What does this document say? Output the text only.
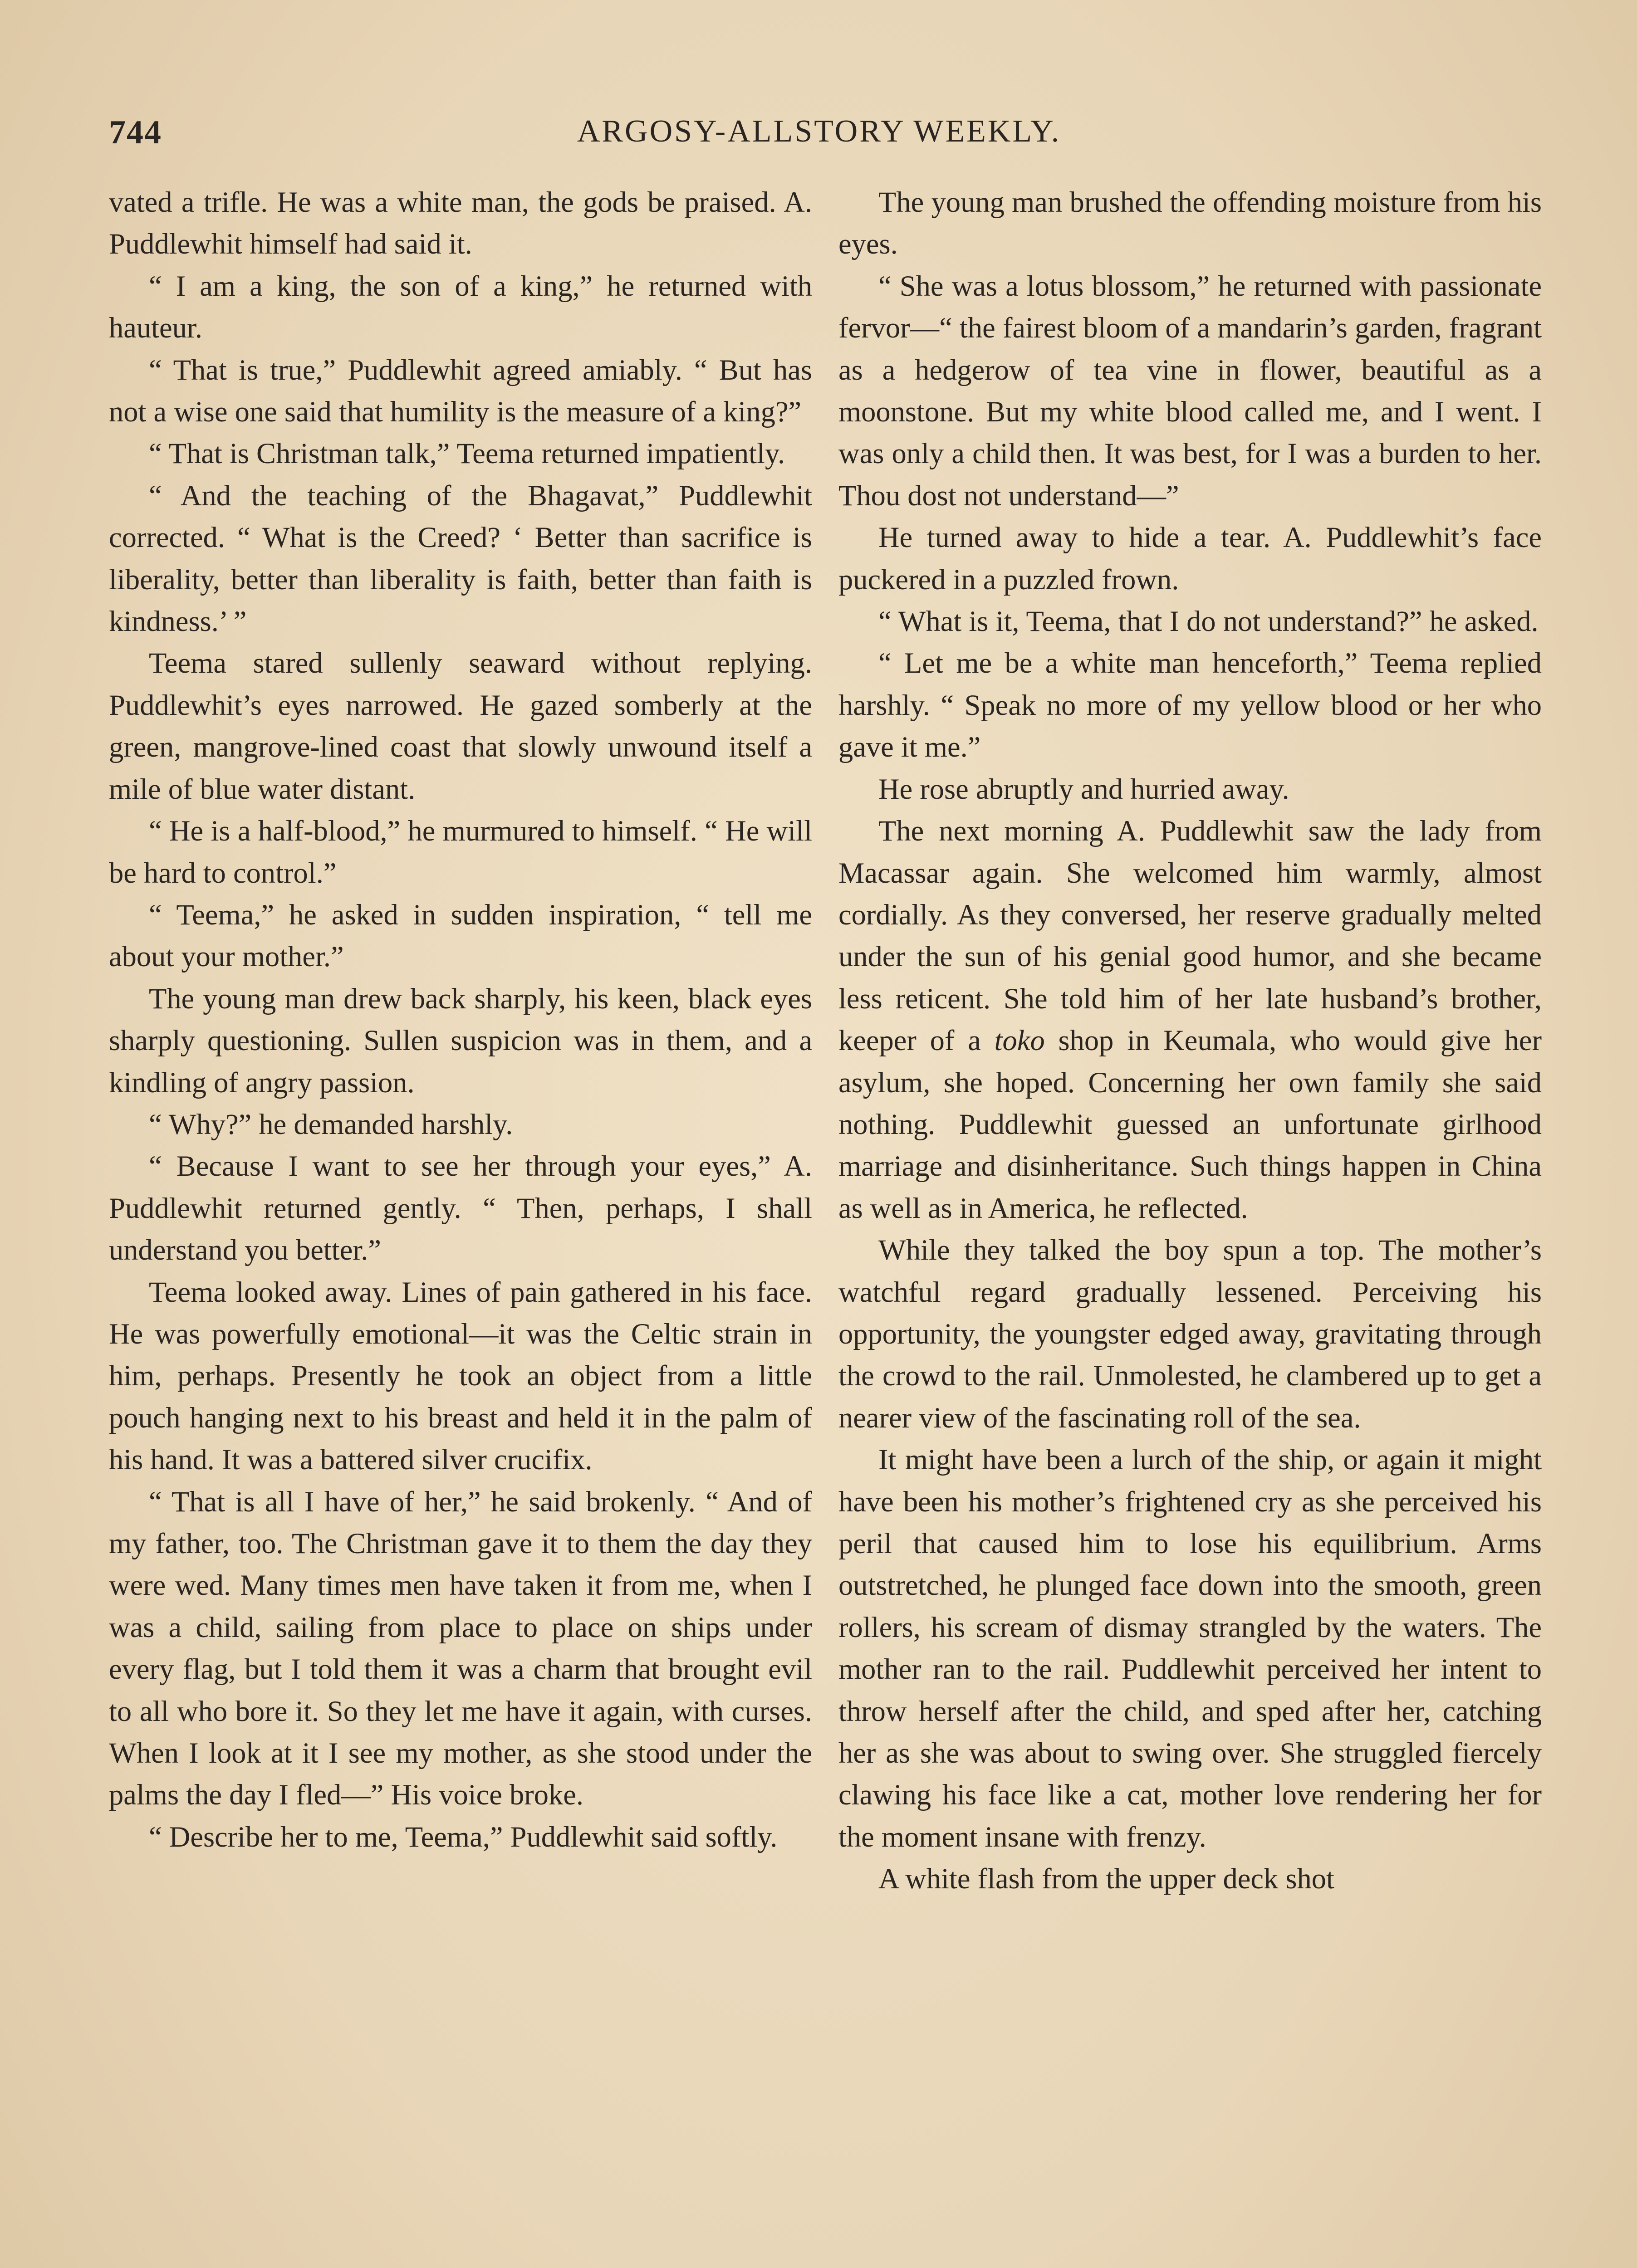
744	ARGOSY-ALLSTORY WEEKLY.

vated a trifle. He was a white man, the gods be praised. A. Puddlewhit himself had said it.

“ I am a king, the son of a king,” he returned with hauteur.

“ That is true,” Puddlewhit agreed amiably. “ But has not a wise one said that humility is the measure of a king?”

“ That is Christman talk,” Teema returned impatiently.

“ And the teaching of the Bhagavat,” Puddlewhit corrected. “ What is the Creed? ‘ Better than sacrifice is liberality, better than liberality is faith, better than faith is kindness.’ ”

Teema stared sullenly seaward without replying. Puddlewhit’s eyes narrowed. He gazed somberly at the green, mangrove-lined coast that slowly unwound itself a mile of blue water distant.

“ He is a half-blood,” he murmured to himself. “ He will be hard to control.”

“ Teema,” he asked in sudden inspiration, “ tell me about your mother.”

The young man drew back sharply, his keen, black eyes sharply questioning. Sullen suspicion was in them, and a kindling of angry passion.

“ Why?” he demanded harshly.

“ Because I want to see her through your eyes,” A. Puddlewhit returned gently. “ Then, perhaps, I shall understand you better.”

Teema looked away. Lines of pain gathered in his face. He was powerfully emotional—it was the Celtic strain in him, perhaps. Presently he took an object from a little pouch hanging next to his breast and held it in the palm of his hand. It was a battered silver crucifix.

“ That is all I have of her,” he said brokenly. “ And of my father, too. The Christman gave it to them the day they were wed. Many times men have taken it from me, when I was a child, sailing from place to place on ships under every flag, but I told them it was a charm that brought evil to all who bore it. So they let me have it again, with curses. When I look at it I see my mother, as she stood under the palms the day I fled—” His voice broke.

“ Describe her to me, Teema,” Puddlewhit said softly.

The young man brushed the offending moisture from his eyes.

“ She was a lotus blossom,” he returned with passionate fervor—“ the fairest bloom of a mandarin’s garden, fragrant as a hedgerow of tea vine in flower, beautiful as a moonstone. But my white blood called me, and I went. I was only a child then. It was best, for I was a burden to her. Thou dost not understand—”

He turned away to hide a tear. A. Puddlewhit’s face puckered in a puzzled frown.

“ What is it, Teema, that I do not understand?” he asked.

“ Let me be a white man henceforth,” Teema replied harshly. “ Speak no more of my yellow blood or her who gave it me.”

He rose abruptly and hurried away.

The next morning A. Puddlewhit saw the lady from Macassar again. She welcomed him warmly, almost cordially. As they conversed, her reserve gradually melted under the sun of his genial good humor, and she became less reticent. She told him of her late husband’s brother, keeper of a toko shop in Keumala, who would give her asylum, she hoped. Concerning her own family she said nothing. Puddlewhit guessed an unfortunate girlhood marriage and disinheritance. Such things happen in China as well as in America, he reflected.

While they talked the boy spun a top. The mother’s watchful regard gradually lessened. Perceiving his opportunity, the youngster edged away, gravitating through the crowd to the rail. Unmolested, he clambered up to get a nearer view of the fascinating roll of the sea.

It might have been a lurch of the ship, or again it might have been his mother’s frightened cry as she perceived his peril that caused him to lose his equilibrium. Arms outstretched, he plunged face down into the smooth, green rollers, his scream of dismay strangled by the waters. The mother ran to the rail. Puddlewhit perceived her intent to throw herself after the child, and sped after her, catching her as she was about to swing over. She struggled fiercely clawing his face like a cat, mother love rendering her for the moment insane with frenzy.

A white flash from the upper deck shot
